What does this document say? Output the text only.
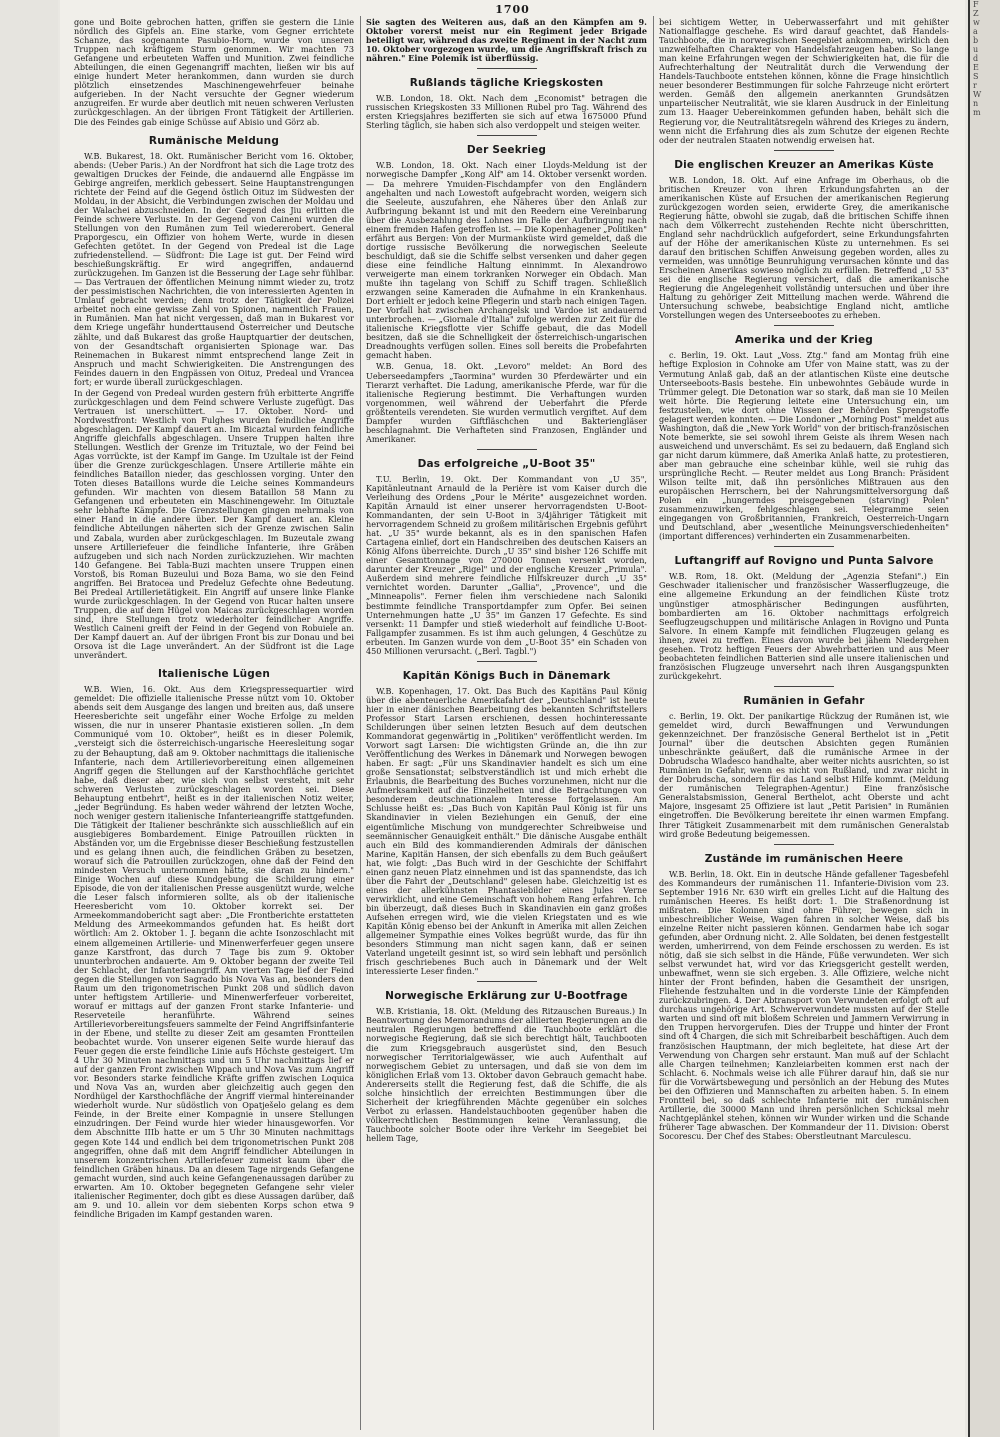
1700

gone und Boite gebrochen hatten, griffen sie gestern die Linie nördlich des Gipfels an. Eine starke, vom Gegner errichtete Schanze, das sogenannte Pasubio-Horn, wurde von unseren Truppen nach kräftigem Sturm genommen. Wir machten 73 Gefangene und erbeuteten Waffen und Munition. Zwei feindliche Abteilungen, die einen Gegenangriff machten, ließen wir bis auf einige hundert Meter herankommen, dann wurden sie durch plötzlich einsetzendes Maschinengewehrfeuer beinahe aufgerieben. In der Nacht versuchte der Gegner wiederum anzugreifen. Er wurde aber deutlich mit neuen schweren Verlusten zurückgeschlagen. An der übrigen Front Tätigkeit der Artillerien. Die des Feindes gab einige Schüsse auf Abisio und Görz ab.

Rumänische Meldung

W.B. Bukarest, 18. Okt. Rumänischer Bericht vom 16. Oktober, abends: (Ueber Paris.) An der Nordfront hat sich die Lage trotz des gewaltigen Druckes der Feinde, die andauernd alle Engpässe im Gebirge angreifen, merklich gebessert. Seine Hauptanstrengungen richtete der Feind auf die Gegend östlich Oituz im Südwesten der Moldau, in der Absicht, die Verbindungen zwischen der Moldau und der Walachei abzuschneiden. In der Gegend des Jiu erlitten die Feinde schwere Verluste. In der Gegend von Caineni wurden die Stellungen von den Rumänen zum Teil wiedererobert. General Praporgescu, ein Offizier von hohem Werte, wurde in diesen Gefechten getötet. In der Gegend von Predeal ist die Lage zufriedenstellend. — Südfront: Die Lage ist gut. Der Feind wird beschießungskräftig. Er wird angegriffen, andauernd zurückzugehen. Im Ganzen ist die Besserung der Lage sehr fühlbar. — Das Vertrauen der öffentlichen Meinung nimmt wieder zu, trotz der pessimistischen Nachrichten, die von interessierten Agenten in Umlauf gebracht werden; denn trotz der Tätigkeit der Polizei arbeitet noch eine gewisse Zahl von Spionen, namentlich Frauen, in Rumänien. Man hat nicht vergessen, daß man in Bukarest vor dem Kriege ungefähr hunderttausend Österreicher und Deutsche zählte, und daß Bukarest das große Hauptquartier der deutschen, von der Gesandtschaft organisierten Spionage war. Das Reinemachen in Bukarest nimmt entsprechend lange Zeit in Anspruch und macht Schwierigkeiten. Die Anstrengungen des Feindes dauern in den Engpässen von Oituz, Predeal und Vrancea fort; er wurde überall zurückgeschlagen.

In der Gegend von Predeal wurden gestern früh erbitterte Angriffe zurückgeschlagen und dem Feind schwere Verluste zugefügt. Das Vertrauen ist unerschüttert. — 17. Oktober. Nord- und Nordwestfront: Westlich von Fulghes wurden feindliche Angriffe abgeschlagen. Der Kampf dauert an. Im Bicaztal wurden feindliche Angriffe gleichfalls abgeschlagen. Unsere Truppen halten ihre Stellungen. Westlich der Grenze im Trituztale, wo der Feind bei Agas vorrückte, ist der Kampf im Gange. Im Uzultale ist der Feind über die Grenze zurückgeschlagen. Unsere Artillerie mähte ein feindliches Bataillon nieder, das geschlossen vorging. Unter den Toten dieses Bataillons wurde die Leiche seines Kommandeurs gefunden. Wir machten von diesem Bataillon 58 Mann zu Gefangenen und erbeuteten ein Maschinengewehr. Im Oituztale sehr lebhafte Kämpfe. Die Grenzstellungen gingen mehrmals von einer Hand in die andere über. Der Kampf dauert an. Kleine feindliche Abteilungen näherten sich der Grenze zwischen Salin und Zabala, wurden aber zurückgeschlagen. Im Buzeutale zwang unsere Artilleriefeuer die feindliche Infanterie, ihre Gräben aufzugeben und sich nach Norden zurückzuziehen. Wir machten 140 Gefangene. Bei Tabla-Buzi machten unsere Truppen einen Vorstoß, bis Roman Buzeului und Boza Bama, wo sie den Feind angriffen. Bei Bratocea und Predeluz Gefechte ohne Bedeutung. Bei Predeal Artillerietätigkeit. Ein Angriff auf unsere linke Flanke wurde zurückgeschlagen. In der Gegend von Rucar halten unsere Truppen, die auf dem Hügel von Maicas zurückgeschlagen worden sind, ihre Stellungen trotz wiederholter feindlicher Angriffe. Westlich Caineni greift der Feind in der Gegend von Robuiele an. Der Kampf dauert an. Auf der übrigen Front bis zur Donau und bei Orsova ist die Lage unverändert. An der Südfront ist die Lage unverändert.

Italienische Lügen

W.B. Wien, 16. Okt. Aus dem Kriegspressequartier wird gemeldet: Die offizielle italienische Presse nützt vom 10. Oktober abends seit dem Ausgange des langen und breiten aus, daß unsere Heeresberichte seit ungefähr einer Woche Erfolge zu melden wissen, die nur in unserer Phantasie existieren sollen. „In dem Communiqué vom 10. Oktober", heißt es in dieser Polemik, „versteigt sich die österreichisch-ungarische Heeresleitung sogar zu der Behauptung, daß am 9. Oktober nachmittags die italienische Infanterie, nach dem Artillerievorbereitung einen allgemeinen Angriff gegen die Stellungen auf der Karsthochfläche gerichtet habe, daß dieser aber, wie sich von selbst versteht, mit sehr schweren Verlusten zurückgeschlagen worden sei. Diese Behauptung entbehrt", heißt es in der italienischen Notiz weiter, „jeder Begründung. Es haben weder während der letzten Woche, noch weniger gestern italienische Infanterieangriffe stattgefunden. Die Tätigkeit der Italiener beschränkte sich ausschließlich auf ein ausgiebigeres Bombardement. Einige Patrouillen rückten in Abständen vor, um die Ergebnisse dieser Beschießung festzustellen und es gelang ihnen auch, die feindlichen Gräben zu besetzen, worauf sich die Patrouillen zurückzogen, ohne daß der Feind den mindesten Versuch unternommen hätte, sie daran zu hindern." Einige Wochen auf diese Kundgebung die Schilderung einer Episode, die von der italienischen Presse ausgenützt wurde, welche die Leser falsch informieren sollte, als ob der italienische Heeresbericht vom 10. Oktober korrekt sei. Der Armeekommandobericht sagt aber: „Die Frontberichte erstatteten Meldung des Armeekommandos gefunden hat. Es heißt dort wörtlich: Am 2. Oktober 1. J. begann die achte Isonzoschlacht mit einem allgemeinen Artillerie- und Minenwerferfeuer gegen unsere ganze Karstfront, das durch 7 Tage bis zum 9. Oktober ununterbrochen andauerte. Am 9. Oktober begann der zweite Teil der Schlacht, der Infanterieangriff. Am vierten Tage lief der Feind gegen die Stellungen von Sagrado bis Nova Vas an, besonders den Raum um den trigonometrischen Punkt 208 und südlich davon unter heftigstem Artillerie- und Minenwerferfeuer vorbereitet, worauf er mittags auf der ganzen Front starke Infanterie- und Reserveteile heranführte. Während seines Artillerievorbereitungsfeuers sammelte der Feind Angriffsinfanterie in der Ebene, und stellte zu dieser Zeit am gesamten Frontteilen beobachtet wurde. Von unserer eigenen Seite wurde hierauf das Feuer gegen die erste feindliche Linie aufs Höchste gesteigert. Um 4 Uhr 30 Minuten nachmittags und um 5 Uhr nachmittags lief er auf der ganzen Front zwischen Wippach und Nova Vas zum Angriff vor. Besonders starke feindliche Kräfte griffen zwischen Loquica und Nova Vas an, wurden aber gleichzeitig auch gegen den Nordhügel der Karsthochfläche der Angriff viermal hintereinander wiederholt wurde. Nur südöstlich von Opatješelo gelang es dem Feinde, in der Breite einer Kompagnie in unsere Stellungen einzudringen. Der Feind wurde hier wieder hinausgeworfen. Vor dem Abschnitte IIIb hatte er um 5 Uhr 30 Minuten nachmittags gegen Kote 144 und endlich bei dem trigonometrischen Punkt 208 angegriffen, ohne daß mit dem Angriff feindlicher Abteilungen in unserem konzentrischen Artilleriefeuer zumeist kaum über die feindlichen Gräben hinaus. Da an diesem Tage nirgends Gefangene gemacht wurden, sind auch keine Gefangenenaussagen darüber zu erwarten. Am 10. Oktober begegneten Gefangene sehr vieler italienischer Regimenter, doch gibt es diese Aussagen darüber, daß am 9. und 10. allein vor dem siebenten Korps schon etwa 9 feindliche Brigaden im Kampf gestanden waren.

Sie sagten des Weiteren aus, daß an den Kämpfen am 9. Oktober vorerst meist nur ein Regiment jeder Brigade beteiligt war, während das zweite Regiment in der Nacht zum 10. Oktober vorgezogen wurde, um die Angriffskraft frisch zu nähren." Eine Polemik ist überflüssig.

Rußlands tägliche Kriegskosten

W.B. London, 18. Okt. Nach dem „Economist" betragen die russischen Kriegskosten 33 Millionen Rubel pro Tag. Während des ersten Kriegsjahres bezifferten sie sich auf etwa 1675000 Pfund Sterling täglich, sie haben sich also verdoppelt und steigen weiter.

Der Seekrieg

W.B. London, 18. Okt. Nach einer Lloyds-Meldung ist der norwegische Dampfer „Kong Alf" am 14. Oktober versenkt worden. — Da mehrere Ymuiden-Fischdampfer von den Engländern angehalten und nach Lowestoft aufgebracht worden, weigern sich die Seeleute, auszufahren, ehe Näheres über den Anlaß zur Aufbringung bekannt ist und mit den Reedern eine Vereinbarung über die Ausbezahlung des Lohnes im Falle der Aufbringung nach einem fremden Hafen getroffen ist. — Die Kopenhagener „Politiken" erfährt aus Bergen: Von der Murmanküste wird gemeldet, daß die dortige russische Bevölkerung die norwegischen Seeleute beschuldigt, daß sie die Schiffe selbst versenken und daher gegen diese eine feindliche Haltung einnimmt. In Alexandrowo verweigerte man einem torkranken Norweger ein Obdach. Man mußte ihn tagelang von Schiff zu Schiff tragen. Schließlich erzwangen seine Kameraden die Aufnahme in ein Krankenhaus. Dort erhielt er jedoch keine Pflegerin und starb nach einigen Tagen. Der Vorfall hat zwischen Archangelsk und Vardoe ist andauernd unterbrochen. — „Giornale d'Italia" zufolge werden zur Zeit für die italienische Kriegsflotte vier Schiffe gebaut, die das Modell besitzen, daß sie die Schnelligkeit der österreichisch-ungarischen Dreadnoughts verfügen sollen. Eines soll bereits die Probefahrten gemacht haben.

W.B. Genua, 18. Okt. „Levoro" meldet: An Bord des Ueberseedampfers „Taormina" wurden 30 Pferdewärter und ein Tierarzt verhaftet. Die Ladung, amerikanische Pferde, war für die italienische Regierung bestimmt. Die Verhaftungen wurden vorgenommen, weil während der Ueberfahrt die Pferde größtenteils verendeten. Sie wurden vermutlich vergiftet. Auf dem Dampfer wurden Giftfläschchen und Bakteriengläser beschlagnahmt. Die Verhafteten sind Franzosen, Engländer und Amerikaner.

Das erfolgreiche „U-Boot 35"

T.U. Berlin, 19. Okt. Der Kommandant von „U 35", Kapitänleutnant Arnauld de la Perière ist vom Kaiser durch die Verleihung des Ordens „Pour le Mérite" ausgezeichnet worden. Kapitän Arnauld ist einer unserer hervorragendsten U-Boot-Kommandanten, der sein U-Boot in 3/4jähriger Tätigkeit mit hervorragendem Schneid zu großem militärischen Ergebnis geführt hat. „U 35" wurde bekannt, als es in den spanischen Hafen Cartagena einlief, dort ein Handschreiben des deutschen Kaisers an König Alfons überreichte. Durch „U 35" sind bisher 126 Schiffe mit einer Gesamttonnage von 270000 Tonnen versenkt worden, darunter der Kreuzer „Rigel" und der englische Kreuzer „Primula". Außerdem sind mehrere feindliche Hilfskreuzer durch „U 35" vernichtet worden. Darunter „Gallia", „Provence", und die „Minneapolis". Ferner fielen ihm verschiedene nach Saloniki bestimmte feindliche Transportdampfer zum Opfer. Bei seinen Unternehmungen hatte „U 35" im Ganzen 17 Gefechte. Es sind versenkt: 11 Dampfer und stieß wiederholt auf feindliche U-Boot-Fallgampfer zusammen. Es ist ihm auch gelungen, 4 Geschütze zu erbeuten. Im Ganzen wurde von dem „U-Boot 35" ein Schaden von 450 Millionen verursacht. („Berl. Tagbl.")

Kapitän Königs Buch in Dänemark

W.B. Kopenhagen, 17. Okt. Das Buch des Kapitäns Paul König über die abenteuerliche Amerikafahrt der „Deutschland" ist heute hier in einer dänischen Bearbeitung des bekannten Schriftstellers Professor Start Larsen erschienen, dessen hochinteressante Schilderungen über seinen letzten Besuch auf dem deutschen Kommandorat gegenwärtig in „Politiken" veröffentlicht werden. Im Vorwort sagt Larsen: Die wichtigsten Gründe an, die ihn zur Veröffentlichung des Werkes in Dänemark und Norwegen bewogen haben. Er sagt: „Für uns Skandinavier handelt es sich um eine große Sensationstat; selbstverständlich ist und mich erhebt die Erlaubnis, die Bearbeitung des Buches vorzunehmen, nicht nur die Aufmerksamkeit auf die Einzelheiten und die Betrachtungen von besonderem deutschnationalem Interesse fortgelassen. Am Schlusse heißt es: „Das Buch von Kapitän Paul König ist für uns Skandinavier in vielen Beziehungen ein Genuß, der eine eigentümliche Mischung von mundgerechter Schreibweise und seemännischer Genauigkeit enthält." Die dänische Ausgabe enthält auch ein Bild des kommandierenden Admirals der dänischen Marine, Kapitän Hansen, der sich ebenfalls zu dem Buch geäußert hat, wie folgt: „Das Buch wird in der Geschichte der Schiffahrt einen ganz neuen Platz einnehmen und ist das spannendste, das ich über die Fahrt der „Deutschland" gelesen habe. Gleichzeitig ist es eines der allerkühnsten Phantasiebilder eines Jules Verne verwirklicht, und eine Gemeinschaft von hohem Rang erfahren. Ich bin überzeugt, daß dieses Buch in Skandinavien ein ganz großes Aufsehen erregen wird, wie die vielen Kriegstaten und es wie Kapitän König ebenso bei der Ankunft in Amerika mit allen Zeichen allgemeiner Sympathie eines Volkes begrüßt wurde, das für ihn besonders Stimmung man nicht sagen kann, daß er seinen Vaterland ungeteilt gesinnt ist, so wird sein lebhaft und persönlich frisch geschriebenes Buch auch in Dänemark und der Welt interessierte Leser finden."

Norwegische Erklärung zur U-Bootfrage

W.B. Kristiania, 18. Okt. (Meldung des Ritzauschen Bureaus.) In Beantwortung des Memorandums der alliierten Regierungen an die neutralen Regierungen betreffend die Tauchboote erklärt die norwegische Regierung, daß sie sich berechtigt hält, Tauchbooten die zum Kriegsgebrauch ausgerüstet sind, den Besuch norwegischer Territorialgewässer, wie auch Aufenthalt auf norwegischem Gebiet zu untersagen, und daß sie von dem im königlichen Erlaß vom 13. Oktober davon Gebrauch gemacht habe. Andererseits stellt die Regierung fest, daß die Schiffe, die als solche hinsichtlich der erreichten Bestimmungen über die Sicherheit der kriegführenden Mächte gegenüber ein solches Verbot zu erlassen. Handelstauchbooten gegenüber haben die völkerrechtlichen Bestimmungen keine Veranlassung, die Tauchboote solcher Boote oder ihre Verkehr im Seegebiet bei hellem Tage,

bei sichtigem Wetter, in Ueberwasserfahrt und mit gehißter Nationalflagge geschehe. Es wird darauf geachtet, daß Handels-Tauchboote, die in norwegischen Seegebiet ankommen, wirklich den unzweifelhaften Charakter von Handelsfahrzeugen haben. So lange man keine Erfahrungen wegen der Schwierigkeiten hat, die für die Aufrechterhaltung der Neutralität durch die Verwendung der Handels-Tauchboote entstehen können, könne die Frage hinsichtlich neuer besonderer Bestimmungen für solche Fahrzeuge nicht erörtert werden. Gemäß den allgemein anerkannten Grundsätzen unparteiischer Neutralität, wie sie klaren Ausdruck in der Einleitung zum 13. Haager Uebereinkommen gefunden haben, behält sich die Regierung vor, die Neutralitätsregeln während des Krieges zu ändern, wenn nicht die Erfahrung dies als zum Schutze der eigenen Rechte oder der neutralen Staaten notwendig erweisen hat.

Die englischen Kreuzer an Amerikas Küste

W.B. London, 18. Okt. Auf eine Anfrage im Oberhaus, ob die britischen Kreuzer von ihren Erkundungsfahrten an der amerikanischen Küste auf Ersuchen der amerikanischen Regierung zurückgezogen worden seien, erwiderte Grey, die amerikanische Regierung hätte, obwohl sie zugab, daß die britischen Schiffe ihnen nach dem Völkerrecht zustehenden Rechte nicht überschritten, England sehr nachdrücklich aufgefordert, seine Erkundungsfahrten auf der Höhe der amerikanischen Küste zu unternehmen. Es sei darauf den britischen Schiffen Anweisung gegeben worden, alles zu vermeiden, was unnötige Beunruhigung verursachen könnte und das Erscheinen Amerikas sowieso möglich zu erfüllen. Betreffend „U 53" sei die englische Regierung versichert, daß die amerikanische Regierung die Angelegenheit vollständig untersuchen und über ihre Haltung zu gehöriger Zeit Mitteilung machen werde. Während die Untersuchung schwebe, beabsichtige England nicht, amtliche Vorstellungen wegen des Unterseebootes zu erheben.

Amerika und der Krieg

c. Berlin, 19. Okt. Laut „Voss. Ztg." fand am Montag früh eine heftige Explosion in Cohnoke am Ufer von Maine statt, was zu der Vermutung Anlaß gab, daß an der atlantischen Küste eine deutsche Unterseeboots-Basis bestehe. Ein unbewohntes Gebäude wurde in Trümmer gelegt. Die Detonation war so stark, daß man sie 10 Meilen weit hörte. Die Regierung leitete eine Untersuchung ein, um festzustellen, wie dort ohne Wissen der Behörden Sprengstoffe gelagert werden konnten. — Die Londoner „Morning Post" meldet aus Washington, daß die „New York World" von der britisch-französischen Note bemerkte, sie sei sowohl ihrem Geiste als ihrem Wesen nach ausweichend und unverschämt. Es sei zu bedauern, daß England sich gar nicht darum kümmere, daß Amerika Anlaß hatte, zu protestieren, aber man gebrauche eine scheinbar kühle, weil sie ruhig das ursprüngliche Recht. — Reuter meldet aus Long Branch: Präsident Wilson teilte mit, daß ihn persönliches Mißtrauen aus den europäischen Herrschern, bei der Nahrungsmittelversorgung daß Polen ein „hungerndes preisgegebenen (starving) Polen" zusammenzuwirken, fehlgeschlagen sei. Telegramme seien eingegangen von Großbritannien, Frankreich, Oesterreich-Ungarn und Deutschland, aber „wesentliche Meinungsverschiedenheiten" (important differences) verhinderten ein Zusammenarbeiten.

Luftangriff auf Rovigno und Punta Salvore

W.B. Rom, 18. Okt. (Meldung der „Agenzia Stefani".) Ein Geschwader italienischer und französischer Wasserflugzeuge, die eine allgemeine Erkundung an der feindlichen Küste trotz ungünstiger atmosphärischer Bedingungen ausführten, bombardierten am 16. Oktober nachmittags erfolgreich Seeflugzeugschuppen und militärische Anlagen in Rovigno und Punta Salvore. In einem Kampfe mit feindlichen Flugzeugen gelang es ihnen, zwei zu treffen. Eines davon wurde bei jähem Niedergehen gesehen. Trotz heftigen Feuers der Abwehrbatterien und aus Meer beobachteten feindlichen Batterien sind alle unsere italienischen und französischen Flugzeuge unversehrt nach ihren Ausgangspunkten zurückgekehrt.

Rumänien in Gefahr

c. Berlin, 19. Okt. Der panikartige Rückzug der Rumänen ist, wie gemeldet wird, durch Bewaffnungen und Verwundungen gekennzeichnet. Der französische General Berthelot ist in „Petit Journal" über die deutschen Absichten gegen Rumänien unbeschränkte geäußert, daß die rumänische Armee in der Dobrudscha Wladesco handhalte, aber weiter nichts ausrichten, so ist Rumänien in Gefahr, wenn es nicht von Rußland, und zwar nicht in der Dobrudscha, sondern für das Land selbst Hilfe kommt. (Meldung der rumänischen Telegraphen-Agentur.) Eine französische Generalstabsmission, General Berthelot, acht Oberste und acht Majore, insgesamt 25 Offiziere ist laut „Petit Parisien" in Rumänien eingetroffen. Die Bevölkerung bereitete ihr einen warmen Empfang. Ihrer Tätigkeit Zusammenarbeit mit dem rumänischen Generalstab wird große Bedeutung beigemessen.

Zustände im rumänischen Heere

W.B. Berlin, 18. Okt. Ein in deutsche Hände gefallener Tagesbefehl des Kommandeurs der rumänischen 11. Infanterie-Division vom 23. September 1916 Nr. 630 wirft ein grelles Licht auf die Haltung des rumänischen Heeres. Es heißt dort: 1. Die Straßenordnung ist mißraten. Die Kolonnen sind ohne Führer, bewegen sich in unbeschreiblicher Weise, Wagen fahren in solcher Weise, daß bis einzelne Reiter nicht passieren können. Gendarmen habe ich sogar gefunden, aber Ordnung nicht. 2. Alle Soldaten, bei denen festgestellt werden, umherirrend, von dem Feinde erschossen zu werden. Es ist nötig, daß sie sich selbst in die Hände, Füße verwundeten. Wer sich selbst verwundet hat, wird vor das Kriegsgericht gestellt werden, unbewaffnet, wenn sie sich ergeben. 3. Alle Offiziere, welche nicht hinter der Front befinden, haben die Gesamtheit der unsrigen, Fliehende festzuhalten und in die vorderste Linie der Kämpfenden zurückzubringen. 4. Der Abtransport von Verwundeten erfolgt oft auf durchaus ungehörige Art. Schwerverwundete mussten auf der Stelle warten und sind oft mit bloßem Schreien und Jammern Verwirrung in den Truppen hervorgerufen. Dies der Truppe und hinter der Front sind oft 4 Chargen, die sich mit Schreibarbeit beschäftigen. Auch dem französischen Hauptmann, der mich begleitete, hat diese Art der Verwendung von Chargen sehr erstaunt. Man muß auf der Schlacht alle Chargen teilnehmen; Kanzleiarbeiten kommen erst nach der Schlacht. 6. Nochmals weise ich alle Führer darauf hin, daß sie nur für die Vorwärtsbewegung und persönlich an der Hebung des Mutes bei den Offizieren und Mannschaften zu arbeiten haben. 5. In einem Frontteil bei, so daß schlechte Infanterie mit der rumänischen Artillerie, die 30000 Mann und ihren persönlichen Schicksal mehr Nachtgeplänkel stehen, können wir Wunder wirken und die Schande früherer Tage abwaschen. Der Kommandeur der 11. Division: Oberst Socorescu. Der Chef des Stabes: Oberstleutnant Marculescu.

F
Z
w
a
b
u
d
E
S
r
W
n
m
